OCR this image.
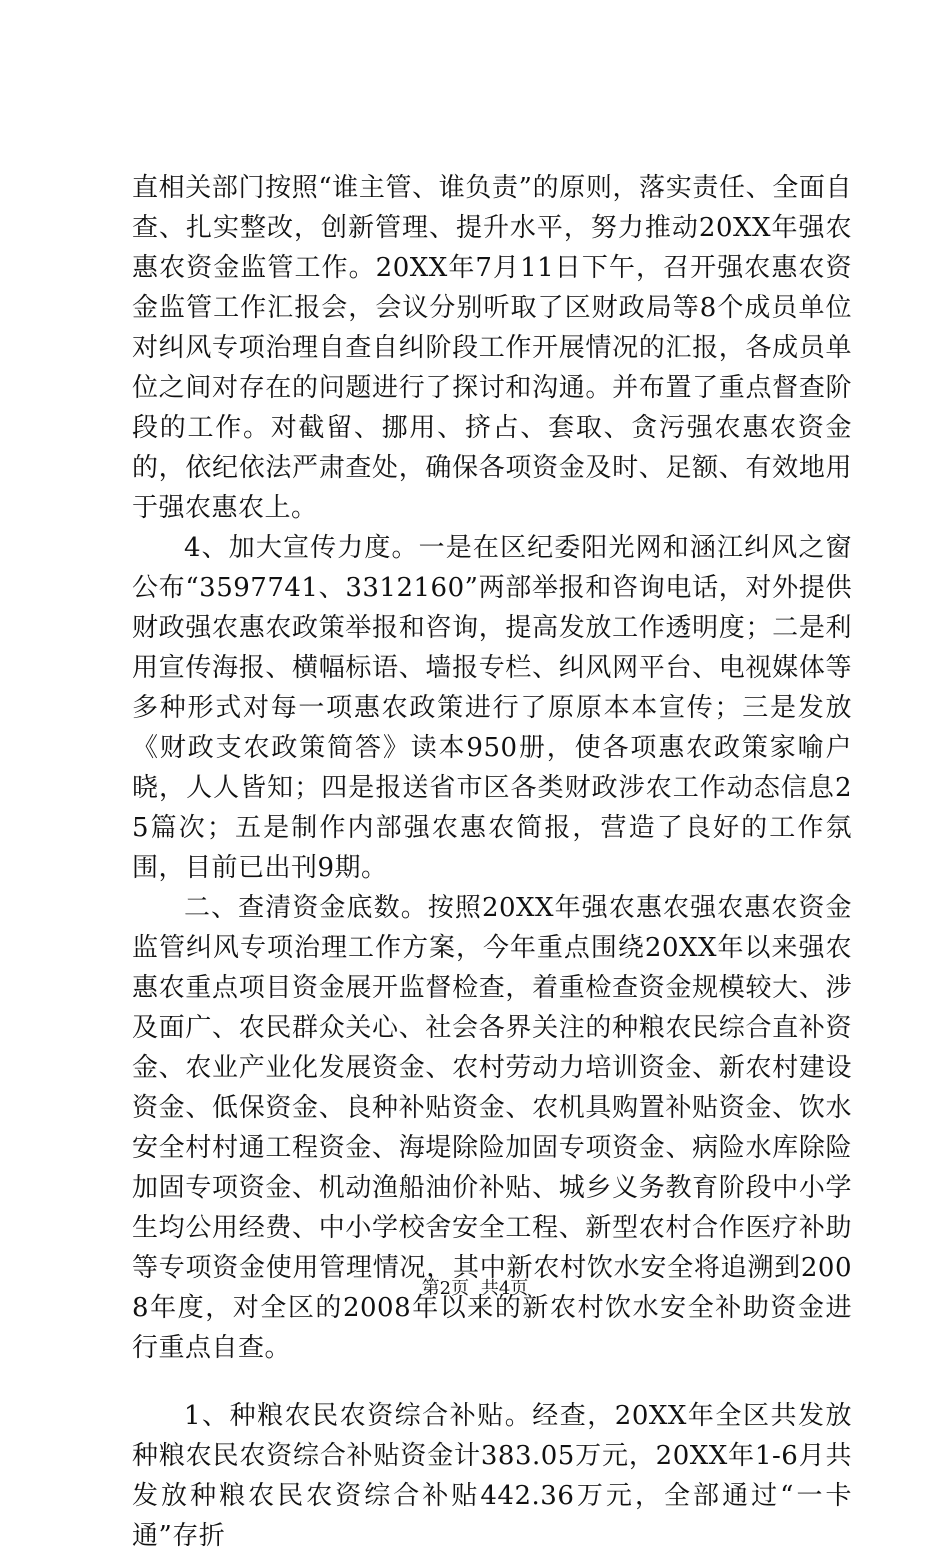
直相关部门按照“谁主管、谁负责”的原则，落实责任、全面自查、扎实整改，创新管理、提升水平，努力推动20XX年强农惠农资金监管工作。20XX年7月11日下午，召开强农惠农资金监管工作汇报会，会议分别听取了区财政局等8个成员单位对纠风专项治理自查自纠阶段工作开展情况的汇报，各成员单位之间对存在的问题进行了探讨和沟通。并布置了重点督查阶段的工作。对截留、挪用、挤占、套取、贪污强农惠农资金的，依纪依法严肃查处，确保各项资金及时、足额、有效地用于强农惠农上。

4、加大宣传力度。一是在区纪委阳光网和涵江纠风之窗公布“3597741、3312160”两部举报和咨询电话，对外提供财政强农惠农政策举报和咨询，提高发放工作透明度；二是利用宣传海报、横幅标语、墙报专栏、纠风网平台、电视媒体等多种形式对每一项惠农政策进行了原原本本宣传；三是发放《财政支农政策简答》读本950册，使各项惠农政策家喻户晓，人人皆知；四是报送省市区各类财政涉农工作动态信息25篇次；五是制作内部强农惠农简报，营造了良好的工作氛围，目前已出刊9期。

二、查清资金底数。按照20XX年强农惠农强农惠农资金监管纠风专项治理工作方案，今年重点围绕20XX年以来强农惠农重点项目资金展开监督检查，着重检查资金规模较大、涉及面广、农民群众关心、社会各界关注的种粮农民综合直补资金、农业产业化发展资金、农村劳动力培训资金、新农村建设资金、低保资金、良种补贴资金、农机具购置补贴资金、饮水安全村村通工程资金、海堤除险加固专项资金、病险水库除险加固专项资金、机动渔船油价补贴、城乡义务教育阶段中小学生均公用经费、中小学校舍安全工程、新型农村合作医疗补助等专项资金使用管理情况，其中新农村饮水安全将追溯到2008年度，对全区的2008年以来的新农村饮水安全补助资金进行重点自查。

1、种粮农民农资综合补贴。经查，20XX年全区共发放种粮农民农资综合补贴资金计383.05万元，20XX年1-6月共发放种粮农民农资综合补贴442.36万元，全部通过“一卡通”存折

第2页 共4页
